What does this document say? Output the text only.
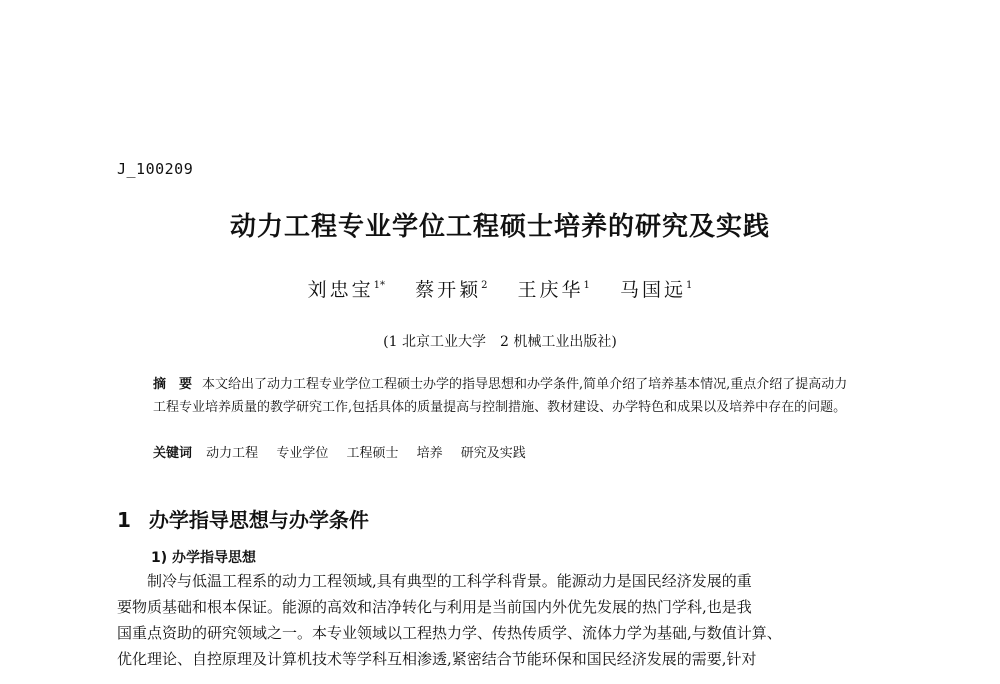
J_100209
动力工程专业学位工程硕士培养的研究及实践
刘忠宝$^{1*}$ 蔡开颖$^2$ 王庆华$^1$ 马国远$^1$
(1 北京工业大学　2 机械工业出版社)
摘　要 本文给出了动力工程专业学位工程硕士办学的指导思想和办学条件,简单介绍了培养基本情况,重点介绍了提高动力工程专业培养质量的教学研究工作,包括具体的质量提高与控制措施、教材建设、办学特色和成果以及培养中存在的问题。
关键词 动力工程 专业学位 工程硕士 培养 研究及实践
1 办学指导思想与办学条件
1) 办学指导思想
制冷与低温工程系的动力工程领域,具有典型的工科学科背景。能源动力是国民经济发展的重
要物质基础和根本保证。能源的高效和洁净转化与利用是当前国内外优先发展的热门学科,也是我
国重点资助的研究领域之一。本专业领域以工程热力学、传热传质学、流体力学为基础,与数值计算、
优化理论、自控原理及计算机技术等学科互相渗透,紧密结合节能环保和国民经济发展的需要,针对
